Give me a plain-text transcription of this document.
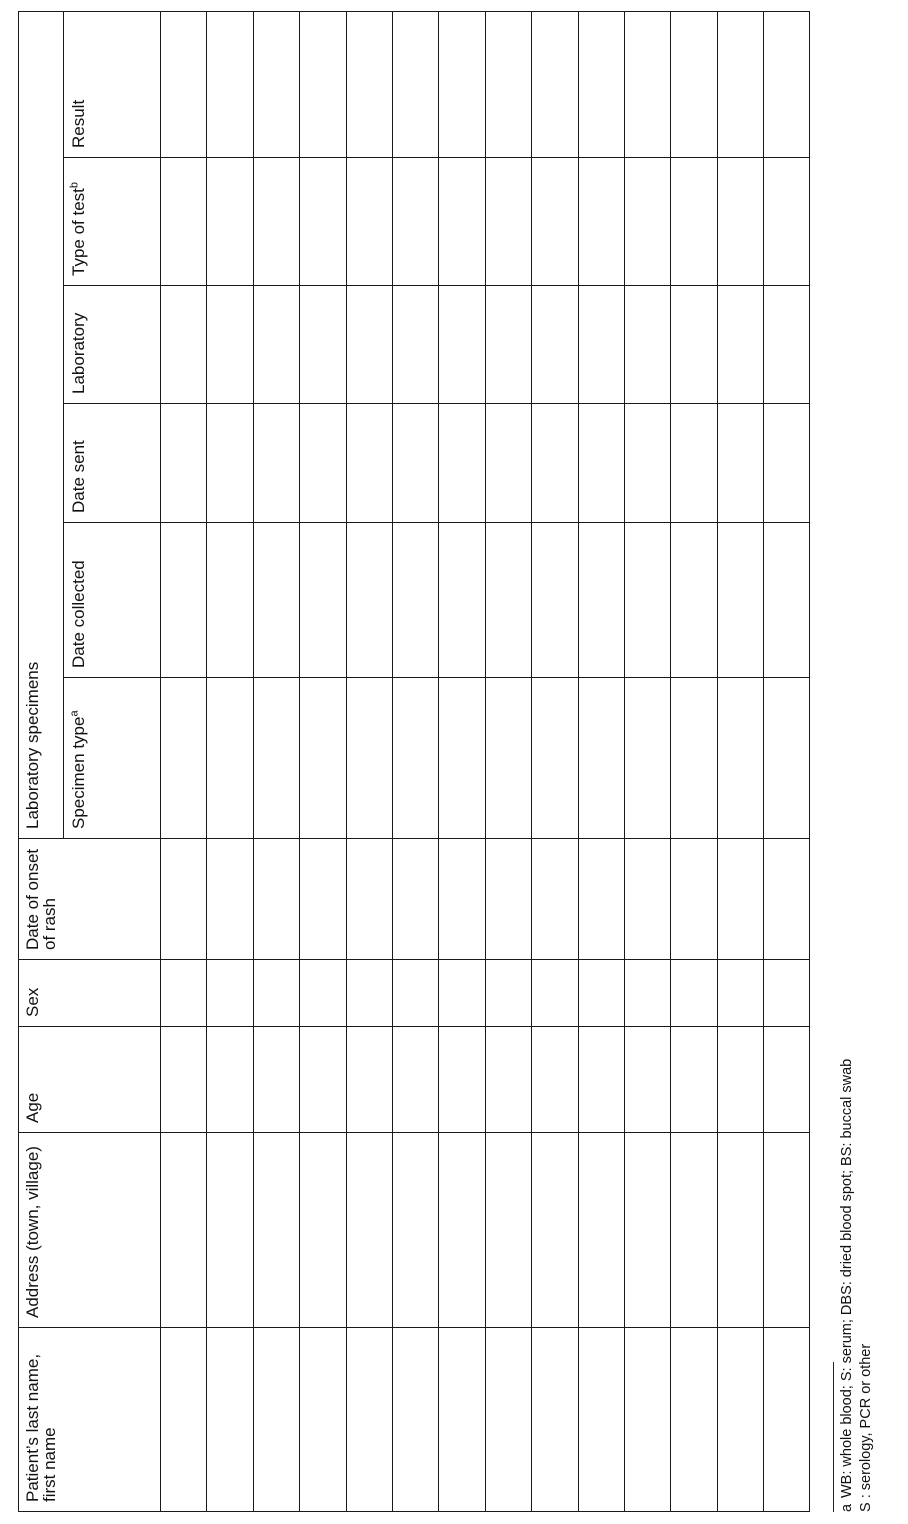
Patient’s last name, first name	Address (town, village)	Age	Sex	Date of onset of rash	Laboratory specimens					

					Specimen type$^a$	Date collected	Date sent	Laboratory	Type of test$^b$	Result

aWB: whole blood; S: serum; DBS: dried blood spot; BS: buccal swab S : serology, PCR or other
